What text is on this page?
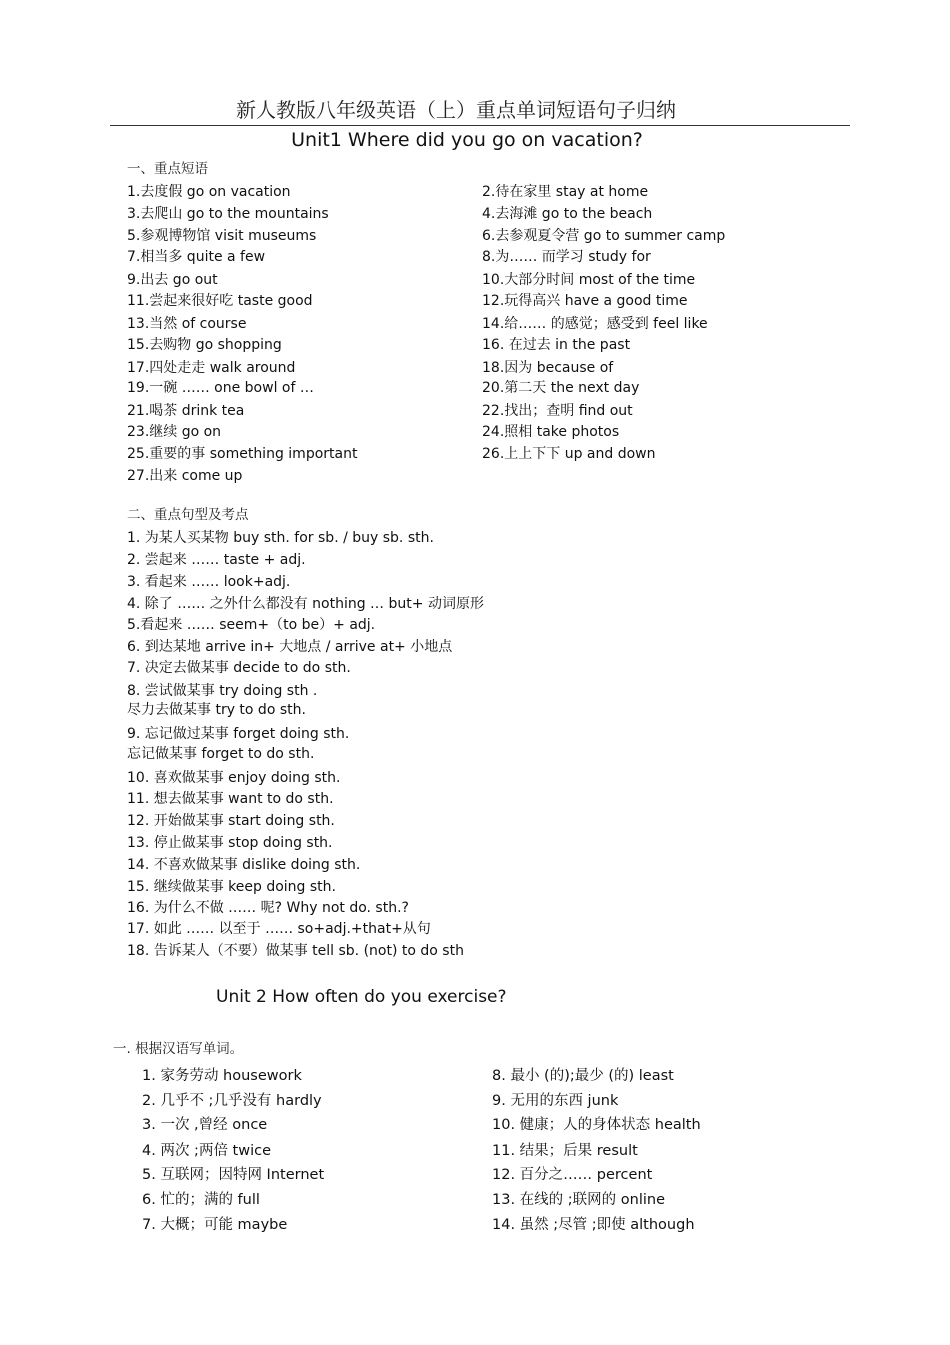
新人教版八年级英语（上）重点单词短语句子归纳
Unit1 Where did you go on vacation?
一、重点短语
1.去度假 go on vacation
3.去爬山 go to the mountains
5.参观博物馆 visit museums
7.相当多 quite a few
9.出去 go out
11.尝起来很好吃 taste good
13.当然 of course
15.去购物 go shopping
17.四处走走 walk around
19.一碗 …… one bowl of …
21.喝茶 drink tea
23.继续 go on
25.重要的事 something important
27.出来 come up
2.待在家里 stay at home
4.去海滩 go to the beach
6.去参观夏令营 go to summer camp
8.为…… 而学习 study for
10.大部分时间 most of the time
12.玩得高兴 have a good time
14.给…… 的感觉；感受到 feel like
16. 在过去 in the past
18.因为 because of
20.第二天 the next day
22.找出；查明 find out
24.照相 take photos
26.上上下下 up and down
二、重点句型及考点
1. 为某人买某物 buy sth. for sb. / buy sb. sth.
2. 尝起来 …… taste + adj.
3. 看起来 …… look+adj.
4. 除了 …… 之外什么都没有 nothing … but+ 动词原形
5.看起来 …… seem+（to be）+ adj.
6. 到达某地 arrive in+ 大地点 / arrive at+ 小地点
7. 决定去做某事 decide to do sth.
8. 尝试做某事 try doing sth .
尽力去做某事 try to do sth.
9. 忘记做过某事 forget doing sth.
忘记做某事 forget to do sth.
10. 喜欢做某事 enjoy doing sth.
11. 想去做某事 want to do sth.
12. 开始做某事 start doing sth.
13. 停止做某事 stop doing sth.
14. 不喜欢做某事 dislike doing sth.
15. 继续做某事 keep doing sth.
16. 为什么不做 …… 呢? Why not do. sth.?
17. 如此 …… 以至于 …… so+adj.+that+从句
18. 告诉某人（不要）做某事 tell sb. (not) to do sth
Unit 2 How often do you exercise?
一. 根据汉语写单词。
1. 家务劳动 housework
2. 几乎不 ;几乎没有 hardly
3. 一次 ,曾经 once
4. 两次 ;两倍 twice
5. 互联网；因特网 Internet
6. 忙的；满的 full
7. 大概；可能 maybe
8. 最小 (的);最少 (的) least
9. 无用的东西 junk
10. 健康；人的身体状态 health
11. 结果；后果 result
12. 百分之…… percent
13. 在线的 ;联网的 online
14. 虽然 ;尽管 ;即使 although
